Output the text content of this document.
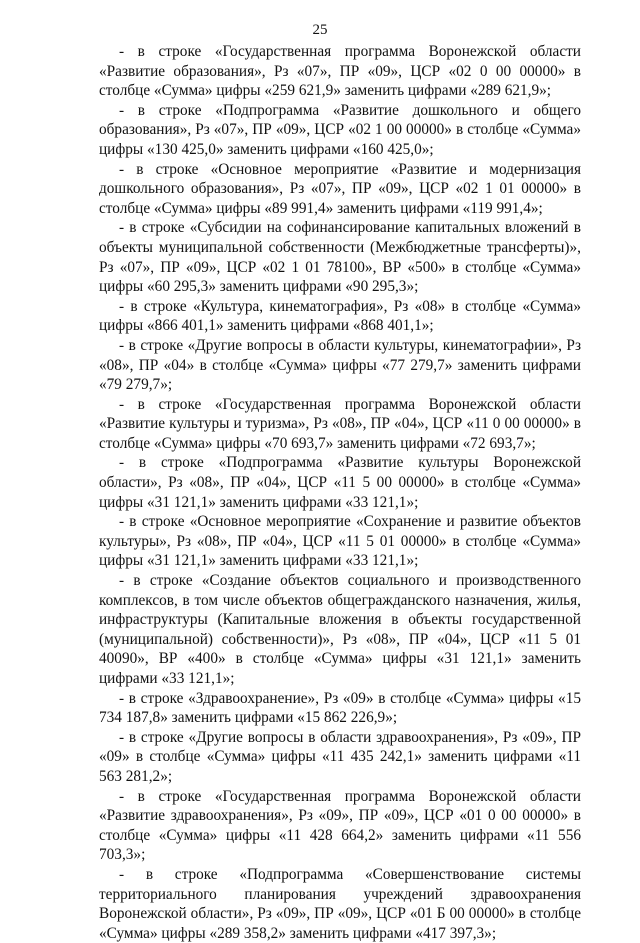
25

- в строке «Государственная программа Воронежской области «Развитие образования», Рз «07», ПР «09», ЦСР «02 0 00 00000» в столбце «Сумма» цифры «259 621,9» заменить цифрами «289 621,9»;

- в строке «Подпрограмма «Развитие дошкольного и общего образования», Рз «07», ПР «09», ЦСР «02 1 00 00000» в столбце «Сумма» цифры «130 425,0» заменить цифрами «160 425,0»;

- в строке «Основное мероприятие «Развитие и модернизация дошкольного образования», Рз «07», ПР «09», ЦСР «02 1 01 00000» в столбце «Сумма» цифры «89 991,4» заменить цифрами «119 991,4»;

- в строке «Субсидии на софинансирование капитальных вложений в объекты муниципальной собственности (Межбюджетные трансферты)», Рз «07», ПР «09», ЦСР «02 1 01 78100», ВР «500» в столбце «Сумма» цифры «60 295,3» заменить цифрами «90 295,3»;

- в строке «Культура, кинематография», Рз «08» в столбце «Сумма» цифры «866 401,1» заменить цифрами «868 401,1»;

- в строке «Другие вопросы в области культуры, кинематографии», Рз «08», ПР «04» в столбце «Сумма» цифры «77 279,7» заменить цифрами «79 279,7»;

- в строке «Государственная программа Воронежской области «Развитие культуры и туризма», Рз «08», ПР «04», ЦСР «11 0 00 00000» в столбце «Сумма» цифры «70 693,7» заменить цифрами «72 693,7»;

- в строке «Подпрограмма «Развитие культуры Воронежской области», Рз «08», ПР «04», ЦСР «11 5 00 00000» в столбце «Сумма» цифры «31 121,1» заменить цифрами «33 121,1»;

- в строке «Основное мероприятие «Сохранение и развитие объектов культуры», Рз «08», ПР «04», ЦСР «11 5 01 00000» в столбце «Сумма» цифры «31 121,1» заменить цифрами «33 121,1»;

- в строке «Создание объектов социального и производственного комплексов, в том числе объектов общегражданского назначения, жилья, инфраструктуры (Капитальные вложения в объекты государственной (муниципальной) собственности)», Рз «08», ПР «04», ЦСР «11 5 01 40090», ВР «400» в столбце «Сумма» цифры «31 121,1» заменить цифрами «33 121,1»;

- в строке «Здравоохранение», Рз «09» в столбце «Сумма» цифры «15 734 187,8» заменить цифрами «15 862 226,9»;

- в строке «Другие вопросы в области здравоохранения», Рз «09», ПР «09» в столбце «Сумма» цифры «11 435 242,1» заменить цифрами «11 563 281,2»;

- в строке «Государственная программа Воронежской области «Развитие здравоохранения», Рз «09», ПР «09», ЦСР «01 0 00 00000» в столбце «Сумма» цифры «11 428 664,2» заменить цифрами «11 556 703,3»;

- в строке «Подпрограмма «Совершенствование системы территориального планирования учреждений здравоохранения Воронежской области», Рз «09», ПР «09», ЦСР «01 Б 00 00000» в столбце «Сумма» цифры «289 358,2» заменить цифрами «417 397,3»;
